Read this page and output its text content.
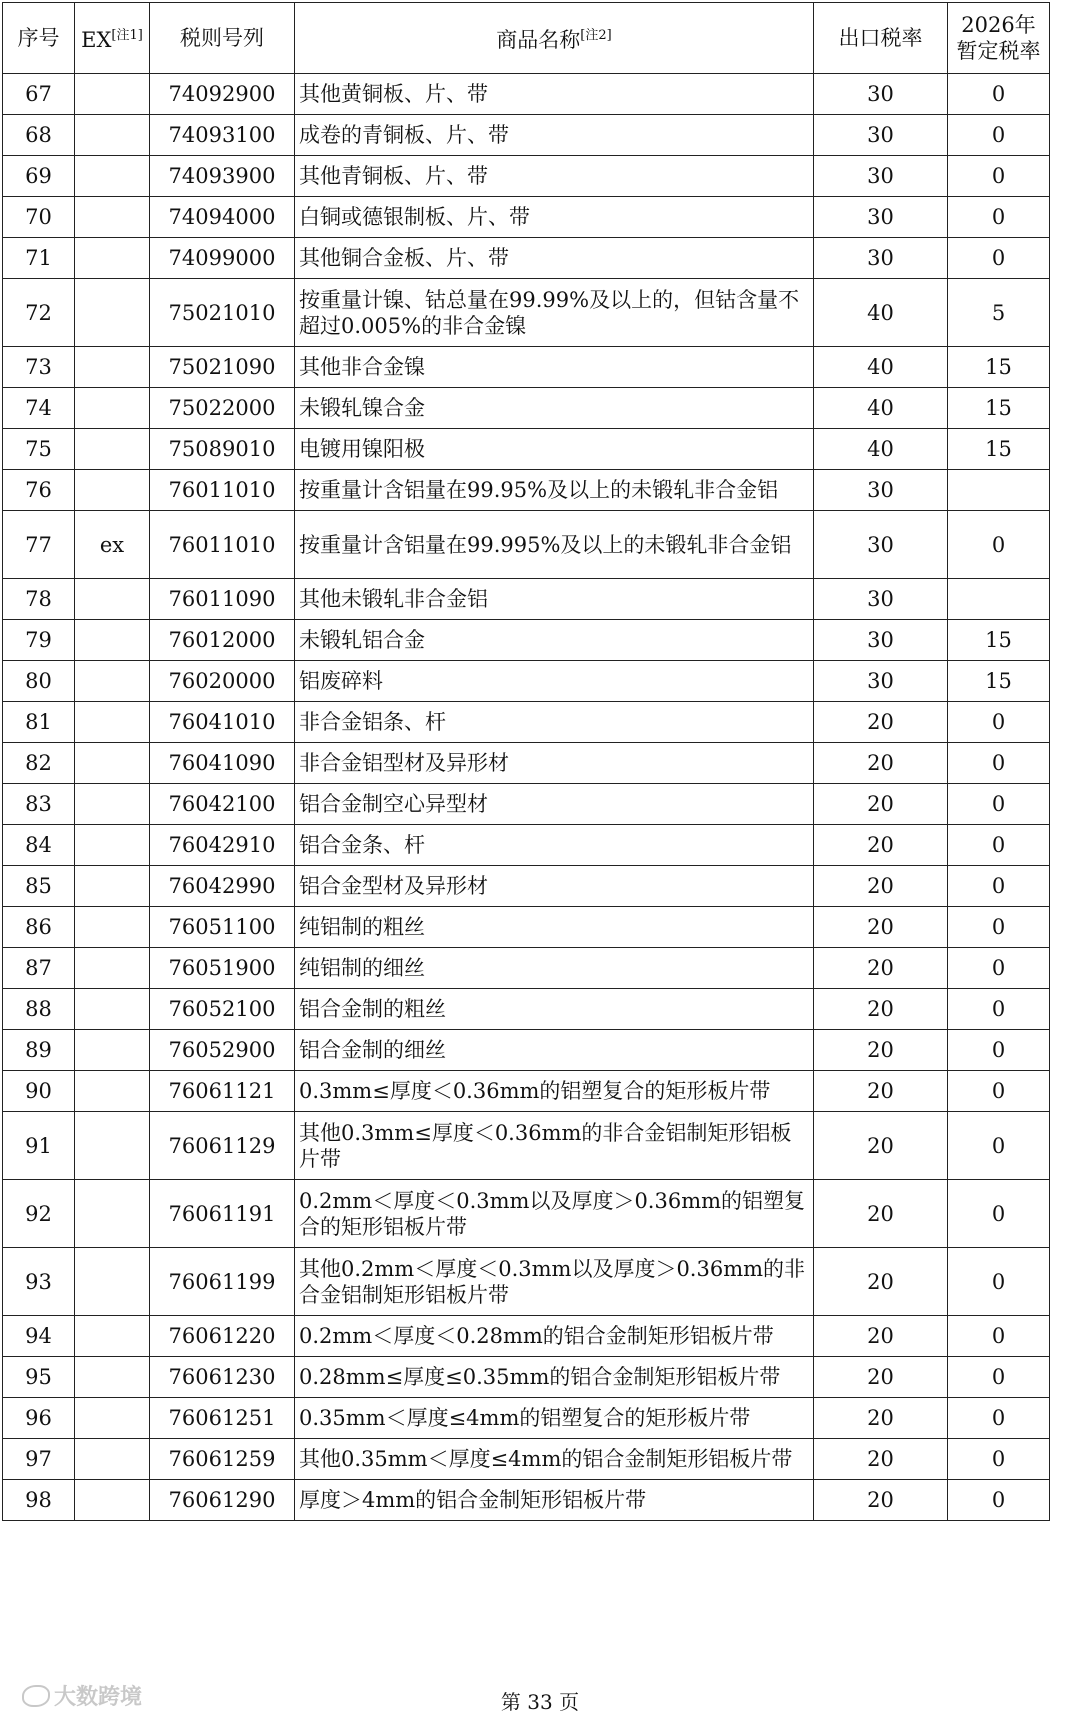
序号	EX[注1]	税则号列	商品名称[注2]	出口税率	2026年
暂定税率

67		74092900	其他黄铜板、片、带	30	0
68		74093100	成卷的青铜板、片、带	30	0
69		74093900	其他青铜板、片、带	30	0
70		74094000	白铜或德银制板、片、带	30	0
71		74099000	其他铜合金板、片、带	30	0
72		75021010	按重量计镍、钴总量在99.99%及以上的，但钴含量不超过0.005%的非合金镍	40	5
73		75021090	其他非合金镍	40	15
74		75022000	未锻轧镍合金	40	15
75		75089010	电镀用镍阳极	40	15
76		76011010	按重量计含铝量在99.95%及以上的未锻轧非合金铝	30	
77	ex	76011010	按重量计含铝量在99.995%及以上的未锻轧非合金铝	30	0
78		76011090	其他未锻轧非合金铝	30	
79		76012000	未锻轧铝合金	30	15
80		76020000	铝废碎料	30	15
81		76041010	非合金铝条、杆	20	0
82		76041090	非合金铝型材及异形材	20	0
83		76042100	铝合金制空心异型材	20	0
84		76042910	铝合金条、杆	20	0
85		76042990	铝合金型材及异形材	20	0
86		76051100	纯铝制的粗丝	20	0
87		76051900	纯铝制的细丝	20	0
88		76052100	铝合金制的粗丝	20	0
89		76052900	铝合金制的细丝	20	0
90		76061121	0.3mm≤厚度＜0.36mm的铝塑复合的矩形板片带	20	0
91		76061129	其他0.3mm≤厚度＜0.36mm的非合金铝制矩形铝板片带	20	0
92		76061191	0.2mm＜厚度＜0.3mm以及厚度＞0.36mm的铝塑复合的矩形铝板片带	20	0
93		76061199	其他0.2mm＜厚度＜0.3mm以及厚度＞0.36mm的非合金铝制矩形铝板片带	20	0
94		76061220	0.2mm＜厚度＜0.28mm的铝合金制矩形铝板片带	20	0
95		76061230	0.28mm≤厚度≤0.35mm的铝合金制矩形铝板片带	20	0
96		76061251	0.35mm＜厚度≤4mm的铝塑复合的矩形板片带	20	0
97		76061259	其他0.35mm＜厚度≤4mm的铝合金制矩形铝板片带	20	0
98		76061290	厚度＞4mm的铝合金制矩形铝板片带	20	0
大数跨境	第 33 页
